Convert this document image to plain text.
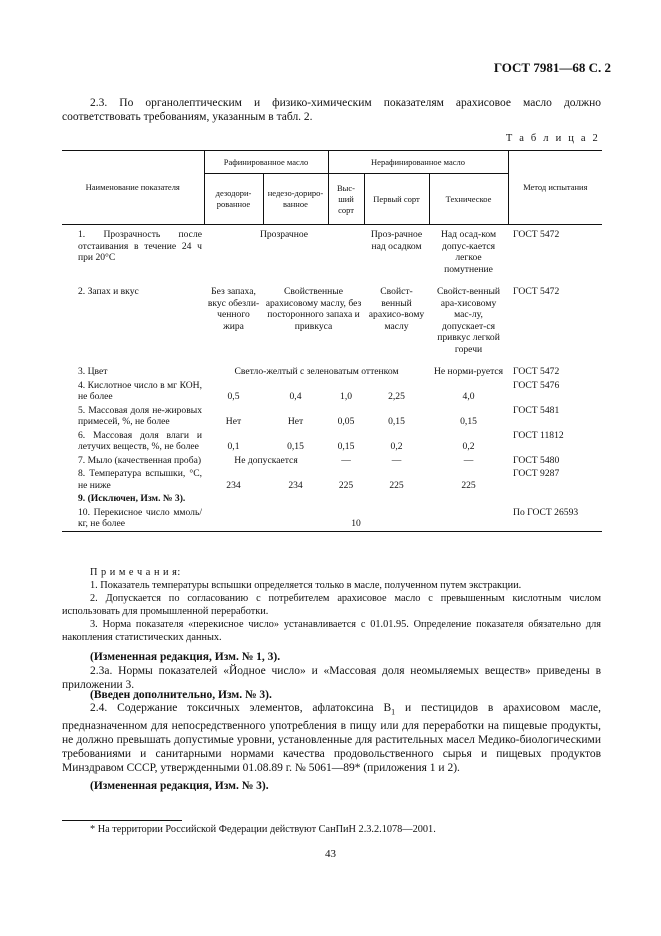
ГОСТ 7981—68 С. 2
2.3. По органолептическим и физико-химическим показателям арахисовое масло должно соответствовать требованиям, указанным в табл. 2.
Т а б л и ц а 2
Наименование показателя	Рафинированное масло		Нерафинированное масло			Метод испытания
	дезодори-рованное	недезо-дориро-ванное	Выс-ший сорт	Первый сорт	Техническое	
1. Прозрачность после отстаивания в течение 24 ч при 20°С	Прозрачное			Проз-рачное над осадком	Над осад-ком допус-кается легкое помутнение	ГОСТ 5472
2. Запах и вкус	Без запаха, вкус обезли-ченного жира	Свойственные арахисовому маслу, без посторонного запаха и привкуса		Свойст-венный арахисо-вому маслу	Свойст-венный ара-хисовому мас-лу, допускает-ся привкус легкой горечи	ГОСТ 5472
3. Цвет	Светло-желтый с зеленоватым оттенком				Не норми-руется	ГОСТ 5472
4. Кислотное число в мг КОН, не более	0,5	0,4	1,0	2,25	4,0	ГОСТ 5476
5. Массовая доля не-жировых примесей, %, не более	Нет	Нет	0,05	0,15	0,15	ГОСТ 5481
6. Массовая доля влаги и летучих веществ, %, не более	0,1	0,15	0,15	0,2	0,2	ГОСТ 11812
7. Мыло (качественная проба)	Не допускается		—	—	—	ГОСТ 5480
8. Температура вспышки, °С, не ниже	234	234	225	225	225	ГОСТ 9287
9. (Исключен, Изм. № 3).						
10. Перекисное число ммоль/кг, не более	10					По ГОСТ 26593
П р и м е ч а н и я:
1. Показатель температуры вспышки определяется только в масле, полученном путем экстракции.
2. Допускается по согласованию с потребителем арахисовое масло с превышенным кислотным числом использовать для промышленной переработки.
3. Норма показателя «перекисное число» устанавливается с 01.01.95. Определение показателя обязательно для накопления статистических данных.
(Измененная редакция, Изм. № 1, 3).
2.3а. Нормы показателей «Йодное число» и «Массовая доля неомыляемых веществ» приведены в приложении 3.
(Введен дополнительно, Изм. № 3).
2.4. Содержание токсичных элементов, афлатоксина $B_1$ и пестицидов в арахисовом масле, предназначенном для непосредственного употребления в пищу или для переработки на пищевые продукты, не должно превышать допустимые уровни, установленные для растительных масел Медико-биологическими требованиями и санитарными нормами качества продовольственного сырья и пищевых продуктов Минздравом СССР, утвержденными 01.08.89 г. № 5061—89* (приложения 1 и 2).
(Измененная редакция, Изм. № 3).
* На территории Российской Федерации действуют СанПиН 2.3.2.1078—2001.
43
